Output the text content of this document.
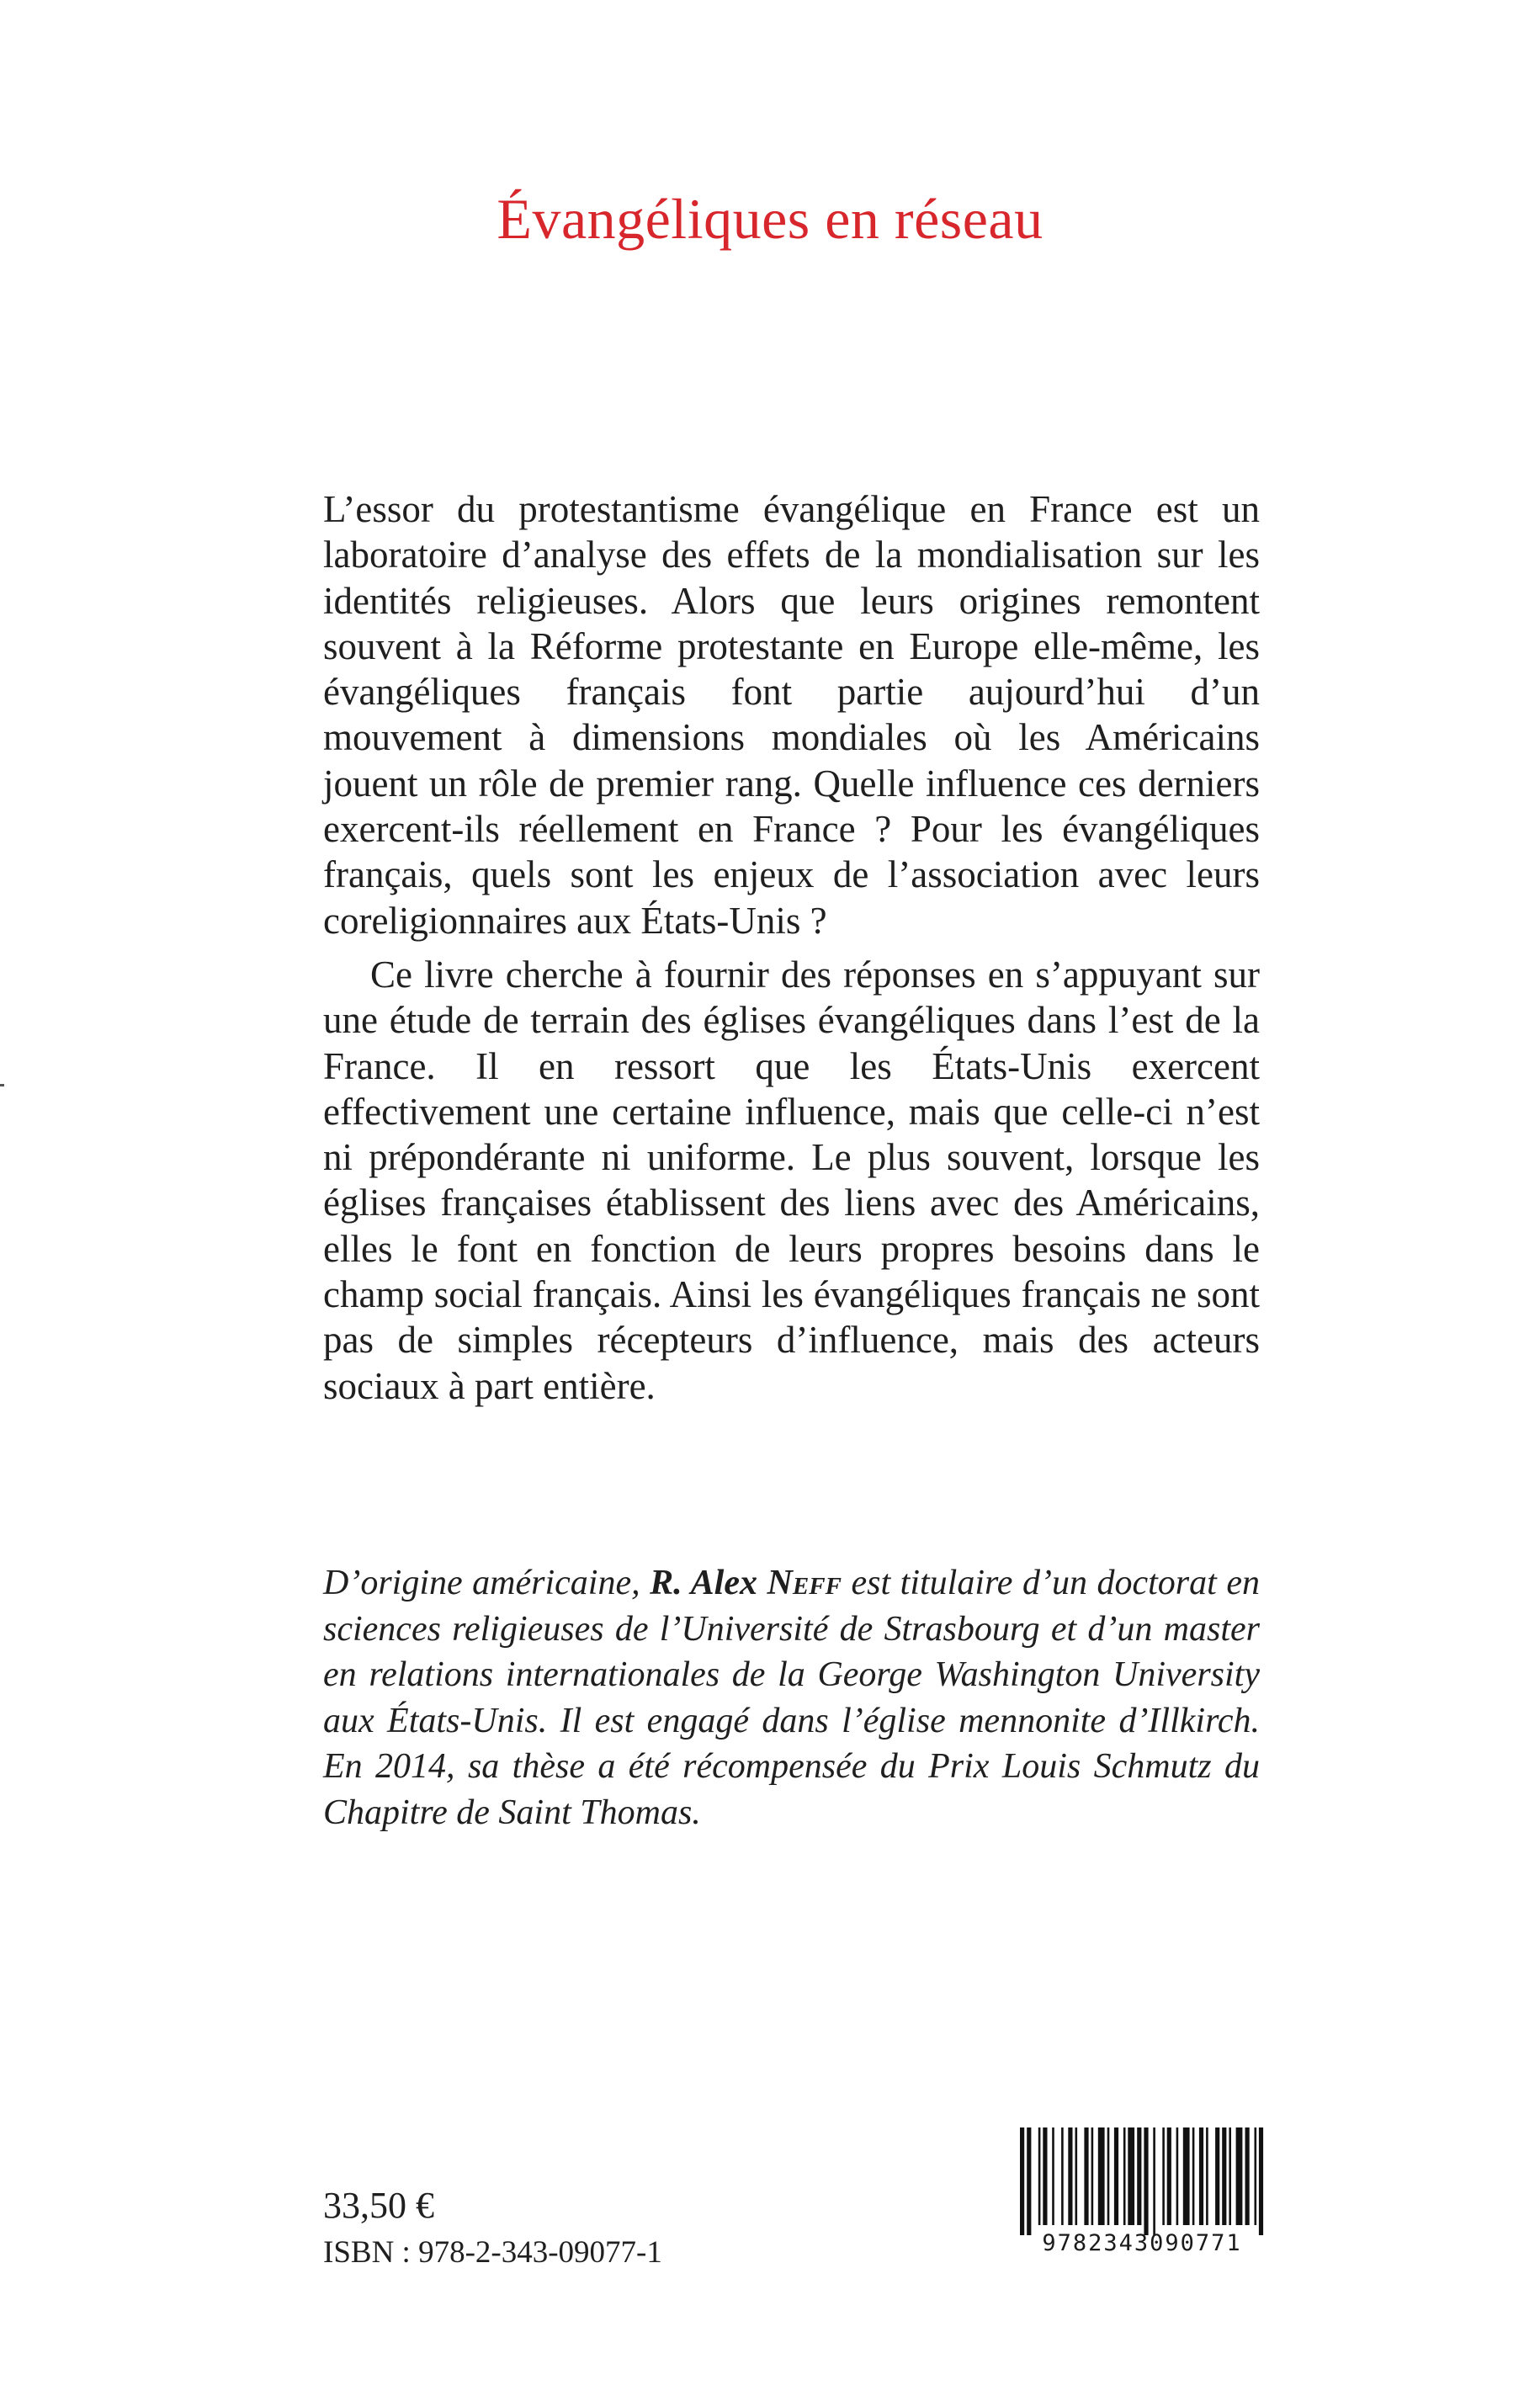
Évangéliques en réseau

L’essor du protestantisme évangélique en France est un laboratoire d’analyse des effets de la mondialisation sur les identités religieuses. Alors que leurs origines remontent souvent à la Réforme protestante en Europe elle-même, les évangéliques français font partie aujourd’hui d’un mouvement à dimensions mondiales où les Américains jouent un rôle de premier rang. Quelle influence ces derniers exercent-ils réellement en France ? Pour les évangéliques français, quels sont les enjeux de l’association avec leurs coreligionnaires aux États-Unis ?

Ce livre cherche à fournir des réponses en s’appuyant sur une étude de terrain des églises évangéliques dans l’est de la France. Il en ressort que les États-Unis exercent effectivement une certaine influence, mais que celle-ci n’est ni prépondérante ni uniforme. Le plus souvent, lorsque les églises françaises établissent des liens avec des Américains, elles le font en fonction de leurs propres besoins dans le champ social français. Ainsi les évangéliques français ne sont pas de simples récepteurs d’influence, mais des acteurs sociaux à part entière.

D’origine américaine, R. Alex Neff est titulaire d’un doctorat en sciences religieuses de l’Université de Strasbourg et d’un master en relations internationales de la George Washington University aux États-Unis. Il est engagé dans l’église mennonite d’Illkirch. En 2014, sa thèse a été récompensée du Prix Louis Schmutz du Chapitre de Saint Thomas.
33,50 €
ISBN : 978-2-343-09077-1	9782343090771
